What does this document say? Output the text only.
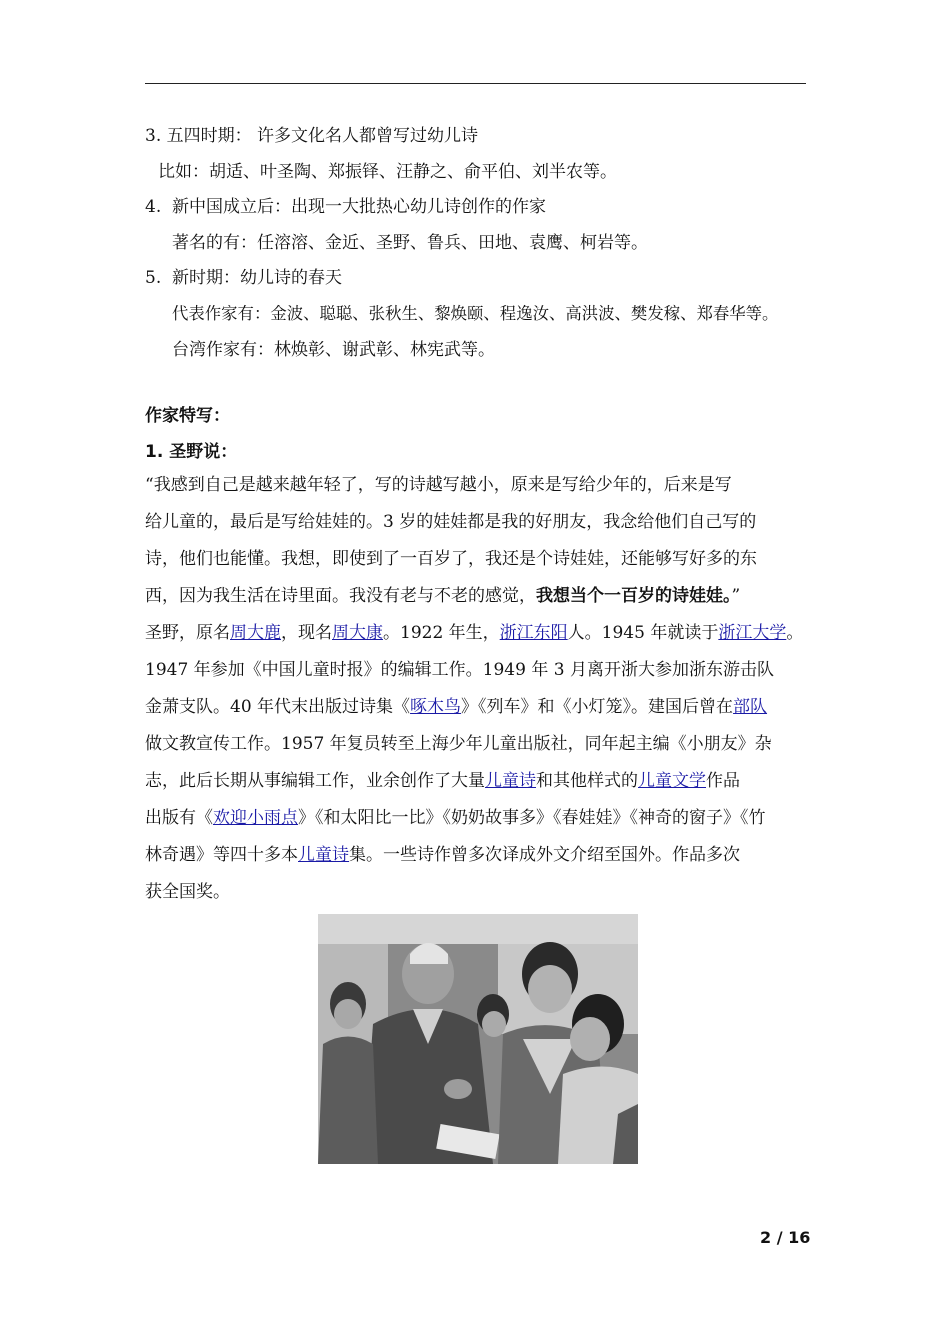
3. 五四时期： 许多文化名人都曾写过幼儿诗
比如：胡适、叶圣陶、郑振铎、汪静之、俞平伯、刘半农等。
4. 新中国成立后：出现一大批热心幼儿诗创作的作家
著名的有：任溶溶、金近、圣野、鲁兵、田地、袁鹰、柯岩等。
5. 新时期：幼儿诗的春天
代表作家有：金波、聪聪、张秋生、黎焕颐、程逸汝、高洪波、樊发稼、郑春华等。
台湾作家有：林焕彰、谢武彰、林宪武等。
作家特写：
1. 圣野说：
“我感到自己是越来越年轻了，写的诗越写越小，原来是写给少年的，后来是写
给儿童的，最后是写给娃娃的。3 岁的娃娃都是我的好朋友，我念给他们自己写的
诗，他们也能懂。我想，即使到了一百岁了，我还是个诗娃娃，还能够写好多的东
西，因为我生活在诗里面。我没有老与不老的感觉，我想当个一百岁的诗娃娃。”
圣野，原名周大鹿，现名周大康。1922 年生，浙江东阳人。1945 年就读于浙江大学。
1947 年参加《中国儿童时报》的编辑工作。1949 年 3 月离开浙大参加浙东游击队
金萧支队。40 年代末出版过诗集《啄木鸟》《列车》和《小灯笼》。建国后曾在部队
做文教宣传工作。1957 年复员转至上海少年儿童出版社，同年起主编《小朋友》杂
志，此后长期从事编辑工作，业余创作了大量儿童诗和其他样式的儿童文学作品
出版有《欢迎小雨点》《和太阳比一比》《奶奶故事多》《春娃娃》《神奇的窗子》《竹
林奇遇》等四十多本儿童诗集。一些诗作曾多次译成外文介绍至国外。作品多次
获全国奖。
2 / 16
